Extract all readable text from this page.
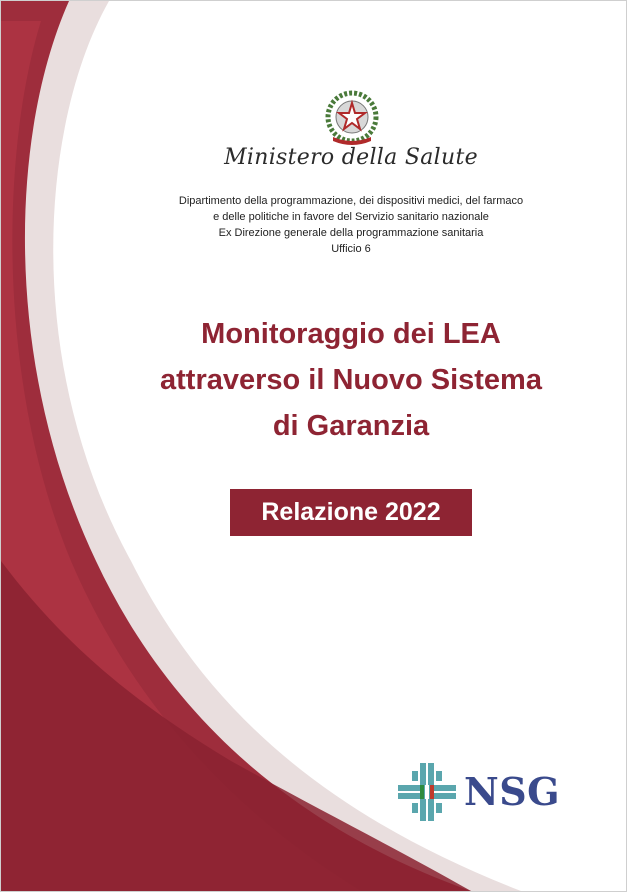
Ministero della Salute
Dipartimento della programmazione, dei dispositivi medici, del farmaco
e delle politiche in favore del Servizio sanitario nazionale
Ex Direzione generale della programmazione sanitaria
Ufficio 6
Monitoraggio dei LEA
attraverso il Nuovo Sistema
di Garanzia
Relazione 2022
NSG
